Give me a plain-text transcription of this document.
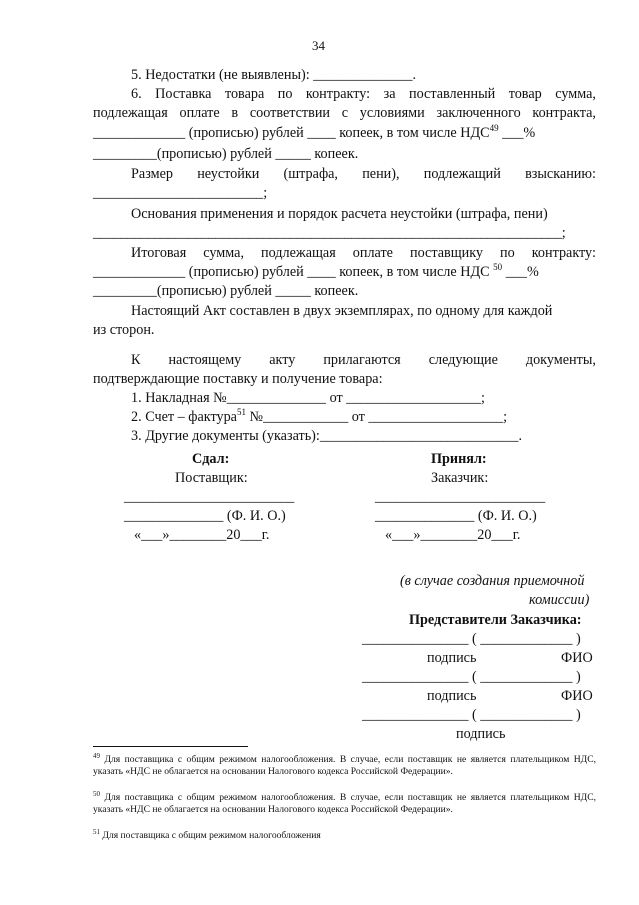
34
5. Недостатки (не выявлены): ______________.
6. Поставка товара по контракту: за поставленный товар сумма,
подлежащая оплате в соответствии с условиями заключенного контракта,
_____________ (прописью) рублей ____ копеек, в том числе НДС$^{49}$ ___%
_________(прописью) рублей _____ копеек.
Размер неустойки (штрафа, пени), подлежащий взысканию:
________________________;
Основания применения и порядок расчета неустойки (штрафа, пени)
_____________________________________________________________________;
Итоговая сумма, подлежащая оплате поставщику по контракту:
_____________ (прописью) рублей ____ копеек, в том числе НДС $^{50}$ ___%
_________(прописью) рублей _____ копеек.
Настоящий Акт составлен в двух экземплярах, по одному для каждой
из сторон.
К настоящему акту прилагаются следующие документы,
подтверждающие поставку и получение товара:
1. Накладная №______________ от ___________________;
2. Счет – фактура$^{51}$ №____________ от ___________________;
3. Другие документы (указать):____________________________.
Сдал:
Поставщик:
________________________
______________ (Ф. И. О.)
«___»________20___г.
Принял:
Заказчик:
________________________
______________ (Ф. И. О.)
«___»________20___г.
(в случае создания приемочной
комиссии)
Представители Заказчика:
_______________ ( _____________ )
подпись	ФИО
_______________ ( _____________ )
подпись	ФИО
_______________ ( _____________ )
подпись
$^{49}$ Для поставщика с общим режимом налогообложения. В случае, если поставщик не является плательщиком НДС, указать «НДС не облагается на основании Налогового кодекса Российской Федерации».
$^{50}$ Для поставщика с общим режимом налогообложения. В случае, если поставщик не является плательщиком НДС, указать «НДС не облагается на основании Налогового кодекса Российской Федерации».
$^{51}$ Для поставщика с общим режимом налогообложения
